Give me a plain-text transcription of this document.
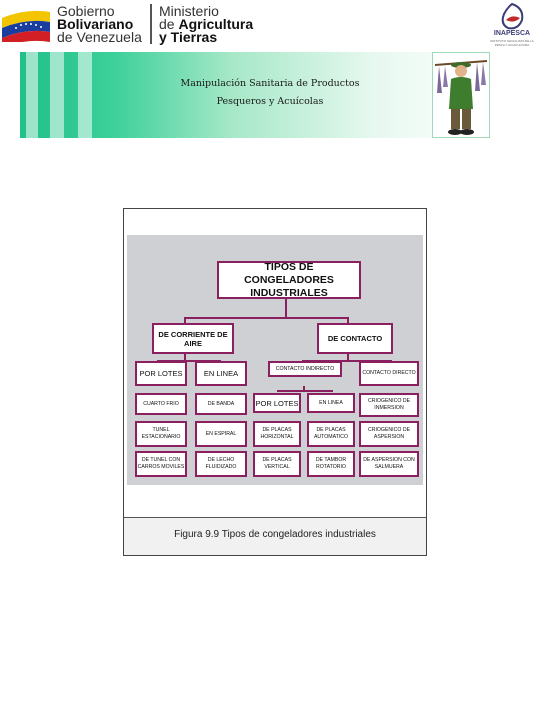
Gobierno
Bolivariano
de Venezuela
Ministerio
de Agricultura
y Tierras	INAPESCA
INSTITUTO SOCIALISTA DE LA PESCA Y ACUICULTURA
Manipulación Sanitaria de Productos
Pesqueros y Acuícolas
TIPOS DE CONGELADORES INDUSTRIALES
DE CORRIENTE DE AIRE	DE CONTACTO
POR LOTES	EN LINEA
CONTACTO INDIRECTO
CONTACTO DIRECTO
POR LOTES	EN LINEA
CUARTO FRIO
TUNEL ESTACIONARIO
DE TUNEL CON CARROS MOVILES
DE BANDA
EN ESPIRAL
DE LECHO FLUIDIZADO
DE PLACAS HORIZONTAL
DE PLACAS VERTICAL
DE PLACAS AUTOMATICO
DE TAMBOR ROTATORIO
CRIOGENICO DE INMERSION
CRIOGENICO DE ASPERSION
DE ASPERSION CON SALMUERA
Figura 9.9 Tipos de congeladores industriales
